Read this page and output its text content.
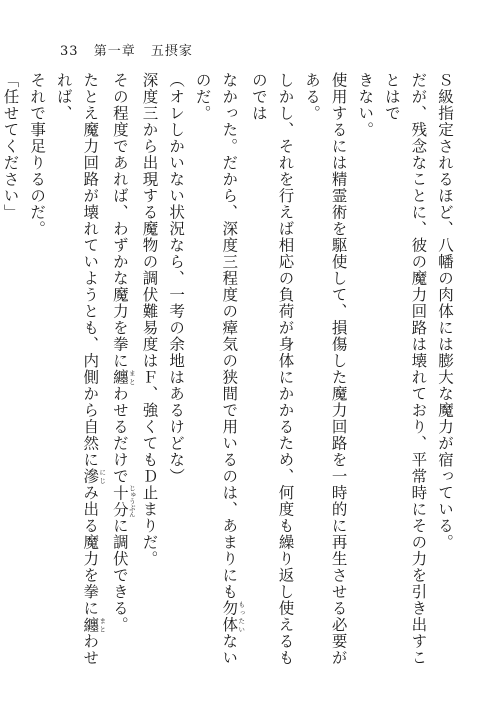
33 第一章 五摂家

Ｓ級指定されるほど、八幡の肉体には膨大な魔力が宿っている。

だが、残念なことに、彼の魔力回路は壊れており、平常時にその力を引き出すことはで

きない。

使用するには精霊術を駆使して、損傷した魔力回路を一時的に再生させる必要がある。

しかし、それを行えば相応の負荷が身体にかかるため、何度も繰り返し使えるものでは

なかった。だから、深度三程度の瘴気の狭間で用いるのは、あまりにも勿体 もったいないのだ。

（オレしかいない状況なら、一考の余地はあるけどな）

深度三から出現する魔物の調伏難易度はＦ、強くてもＤ止まりだ。

その程度であれば、わずかな魔力を拳に纏 まとわせるだけで十分 じゅうぶんに調伏できる。

たとえ魔力回路が壊れていようとも、内側から自然に滲 にじみ出る魔力を拳に纏 まとわせれば、

それで事足りるのだ。

「任せてください」
